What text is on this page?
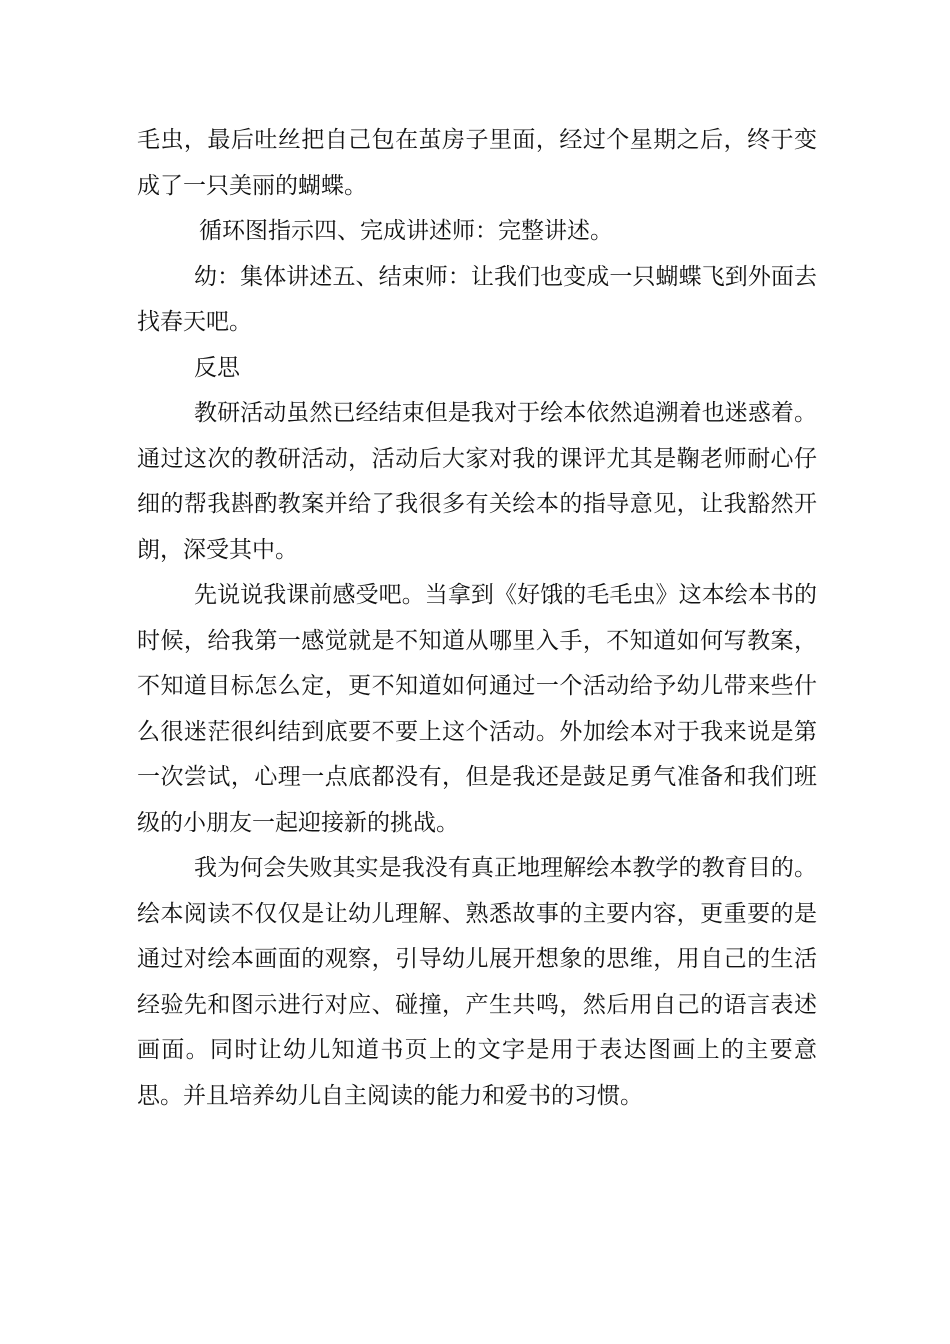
毛虫，最后吐丝把自己包在茧房子里面，经过个星期之后，终于变成了一只美丽的蝴蝶。

循环图指示四、完成讲述师：完整讲述。

幼：集体讲述五、结束师：让我们也变成一只蝴蝶飞到外面去找春天吧。

反思

教研活动虽然已经结束但是我对于绘本依然追溯着也迷惑着。通过这次的教研活动，活动后大家对我的课评尤其是鞠老师耐心仔细的帮我斟酌教案并给了我很多有关绘本的指导意见，让我豁然开朗，深受其中。

先说说我课前感受吧。当拿到《好饿的毛毛虫》这本绘本书的时候，给我第一感觉就是不知道从哪里入手，不知道如何写教案，不知道目标怎么定，更不知道如何通过一个活动给予幼儿带来些什么很迷茫很纠结到底要不要上这个活动。外加绘本对于我来说是第一次尝试，心理一点底都没有，但是我还是鼓足勇气准备和我们班级的小朋友一起迎接新的挑战。

我为何会失败其实是我没有真正地理解绘本教学的教育目的。绘本阅读不仅仅是让幼儿理解、熟悉故事的主要内容，更重要的是通过对绘本画面的观察，引导幼儿展开想象的思维，用自己的生活经验先和图示进行对应、碰撞，产生共鸣，然后用自己的语言表述画面。同时让幼儿知道书页上的文字是用于表达图画上的主要意思。并且培养幼儿自主阅读的能力和爱书的习惯。
